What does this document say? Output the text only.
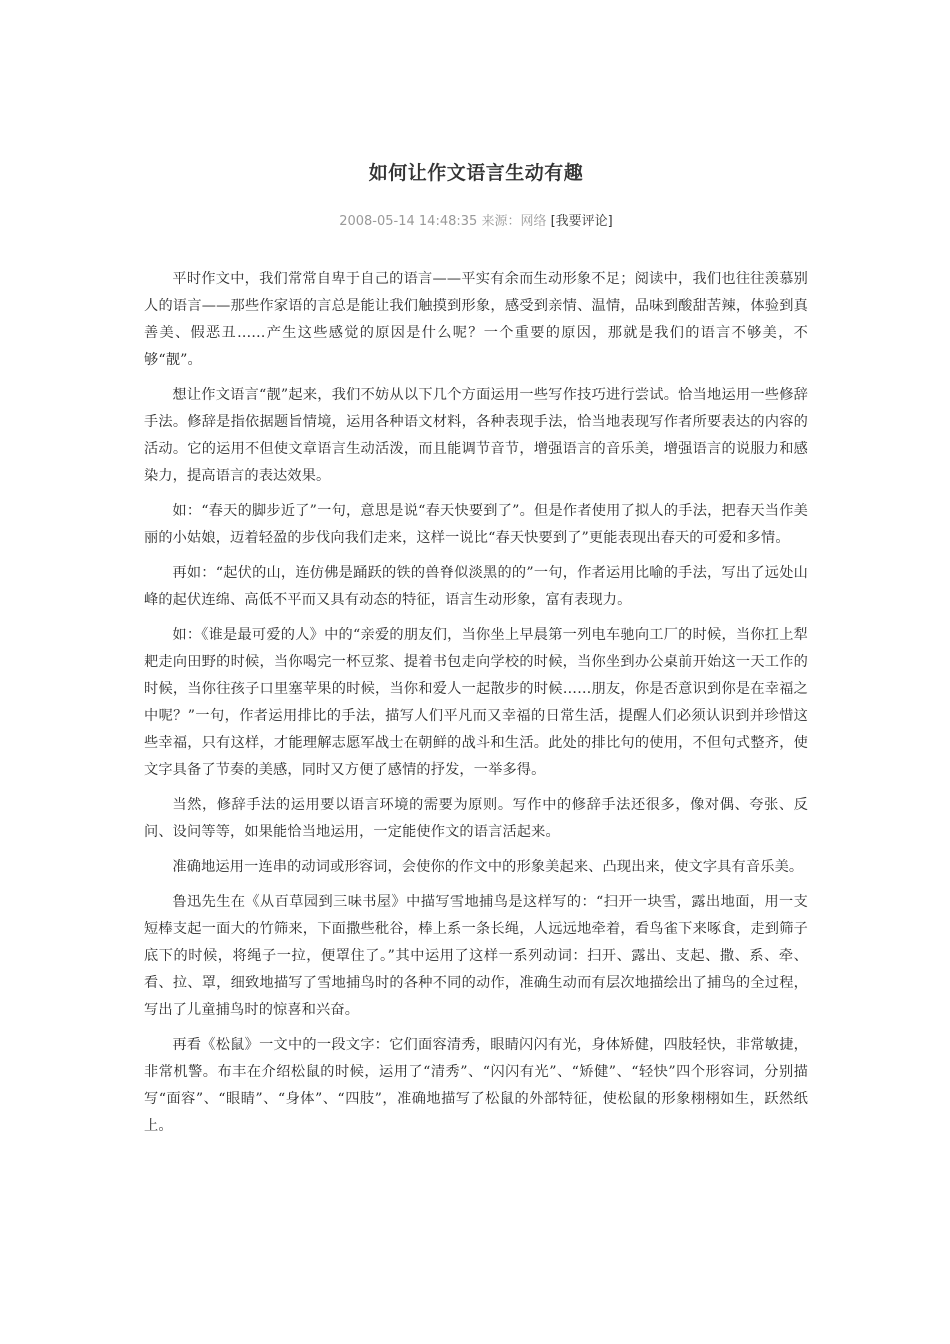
如何让作文语言生动有趣
2008-05-14 14:48:35 来源：网络 [我要评论]

平时作文中，我们常常自卑于自己的语言——平实有余而生动形象不足；阅读中，我们也往往羡慕别人的语言——那些作家语的言总是能让我们触摸到形象，感受到亲情、温情，品味到酸甜苦辣，体验到真善美、假恶丑……产生这些感觉的原因是什么呢？一个重要的原因，那就是我们的语言不够美，不够“靓”。

想让作文语言“靓”起来，我们不妨从以下几个方面运用一些写作技巧进行尝试。恰当地运用一些修辞手法。修辞是指依据题旨情境，运用各种语文材料，各种表现手法，恰当地表现写作者所要表达的内容的活动。它的运用不但使文章语言生动活泼，而且能调节音节，增强语言的音乐美，增强语言的说服力和感染力，提高语言的表达效果。

如：“春天的脚步近了”一句，意思是说“春天快要到了”。但是作者使用了拟人的手法，把春天当作美丽的小姑娘，迈着轻盈的步伐向我们走来，这样一说比“春天快要到了”更能表现出春天的可爱和多情。

再如：“起伏的山，连仿佛是踊跃的铁的兽脊似淡黑的的”一句，作者运用比喻的手法，写出了远处山峰的起伏连绵、高低不平而又具有动态的特征，语言生动形象，富有表现力。

如：《谁是最可爱的人》中的“亲爱的朋友们，当你坐上早晨第一列电车驰向工厂的时候，当你扛上犁耙走向田野的时候，当你喝完一杯豆浆、提着书包走向学校的时候，当你坐到办公桌前开始这一天工作的时候，当你往孩子口里塞苹果的时候，当你和爱人一起散步的时候……朋友，你是否意识到你是在幸福之中呢？”一句，作者运用排比的手法，描写人们平凡而又幸福的日常生活，提醒人们必须认识到并珍惜这些幸福，只有这样，才能理解志愿军战士在朝鲜的战斗和生活。此处的排比句的使用，不但句式整齐，使文字具备了节奏的美感，同时又方便了感情的抒发，一举多得。

当然，修辞手法的运用要以语言环境的需要为原则。写作中的修辞手法还很多，像对偶、夸张、反问、设问等等，如果能恰当地运用，一定能使作文的语言活起来。

准确地运用一连串的动词或形容词，会使你的作文中的形象美起来、凸现出来，使文字具有音乐美。

鲁迅先生在《从百草园到三味书屋》中描写雪地捕鸟是这样写的：“扫开一块雪，露出地面，用一支短棒支起一面大的竹筛来，下面撒些秕谷，棒上系一条长绳，人远远地牵着，看鸟雀下来啄食，走到筛子底下的时候，将绳子一拉，便罩住了。”其中运用了这样一系列动词：扫开、露出、支起、撒、系、牵、看、拉、罩，细致地描写了雪地捕鸟时的各种不同的动作，准确生动而有层次地描绘出了捕鸟的全过程，写出了儿童捕鸟时的惊喜和兴奋。

再看《松鼠》一文中的一段文字：它们面容清秀，眼睛闪闪有光，身体矫健，四肢轻快，非常敏捷，非常机警。布丰在介绍松鼠的时候，运用了“清秀”、“闪闪有光”、“矫健”、“轻快”四个形容词，分别描写“面容”、“眼睛”、“身体”、“四肢”，准确地描写了松鼠的外部特征，使松鼠的形象栩栩如生，跃然纸上。
